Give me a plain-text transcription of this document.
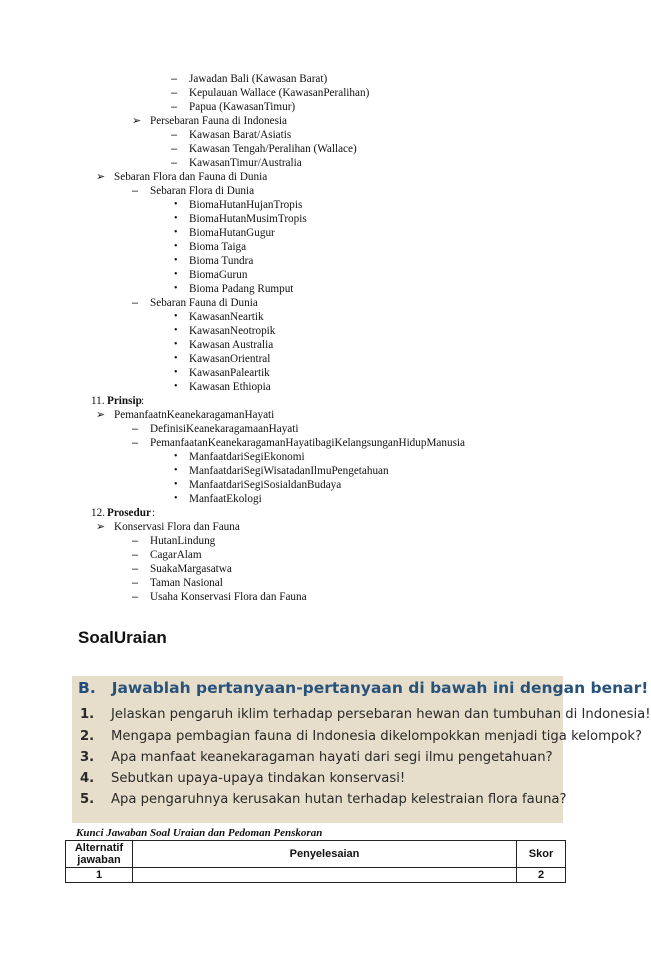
– Jawadan Bali (Kawasan Barat)
– Kepulauan Wallace (KawasanPeralihan)
– Papua (KawasanTimur)
➢ Persebaran Fauna di Indonesia
– Kawasan Barat/Asiatis
– Kawasan Tengah/Peralihan (Wallace)
– KawasanTimur/Australia
➢ Sebaran Flora dan Fauna di Dunia
– Sebaran Flora di Dunia
• BiomaHutanHujanTropis
• BiomaHutanMusimTropis
• BiomaHutanGugur
• Bioma Taiga
• Bioma Tundra
• BiomaGurun
• Bioma Padang Rumput
– Sebaran Fauna di Dunia
• KawasanNeartik
• KawasanNeotropik
• Kawasan Australia
• KawasanOrientral
• KawasanPaleartik
• Kawasan Ethiopia
11. Prinsip :
➢ PemanfaatnKeanekaragamanHayati
– DefinisiKeanekaragamaanHayati
– PemanfaatanKeanekaragamanHayatibagiKelangsunganHidupManusia
• ManfaatdariSegiEkonomi
• ManfaatdariSegiWisatadanIlmuPengetahuan
• ManfaatdariSegiSosialdanBudaya
• ManfaatEkologi
12. Prosedur :
➢ Konservasi Flora dan Fauna
– HutanLindung
– CagarAlam
– SuakaMargasatwa
– Taman Nasional
– Usaha Konservasi Flora dan Fauna
SoalUraian
B. Jawablah pertanyaan-pertanyaan di bawah ini dengan benar!
1. Jelaskan pengaruh iklim terhadap persebaran hewan dan tumbuhan di Indonesia!
2. Mengapa pembagian fauna di Indonesia dikelompokkan menjadi tiga kelompok?
3. Apa manfaat keanekaragaman hayati dari segi ilmu pengetahuan?
4. Sebutkan upaya-upaya tindakan konservasi!
5. Apa pengaruhnya kerusakan hutan terhadap kelestraian flora fauna?
Kunci Jawaban Soal Uraian dan Pedoman Penskoran
Alternatif jawaban	Penyelesaian	Skor
1		2
